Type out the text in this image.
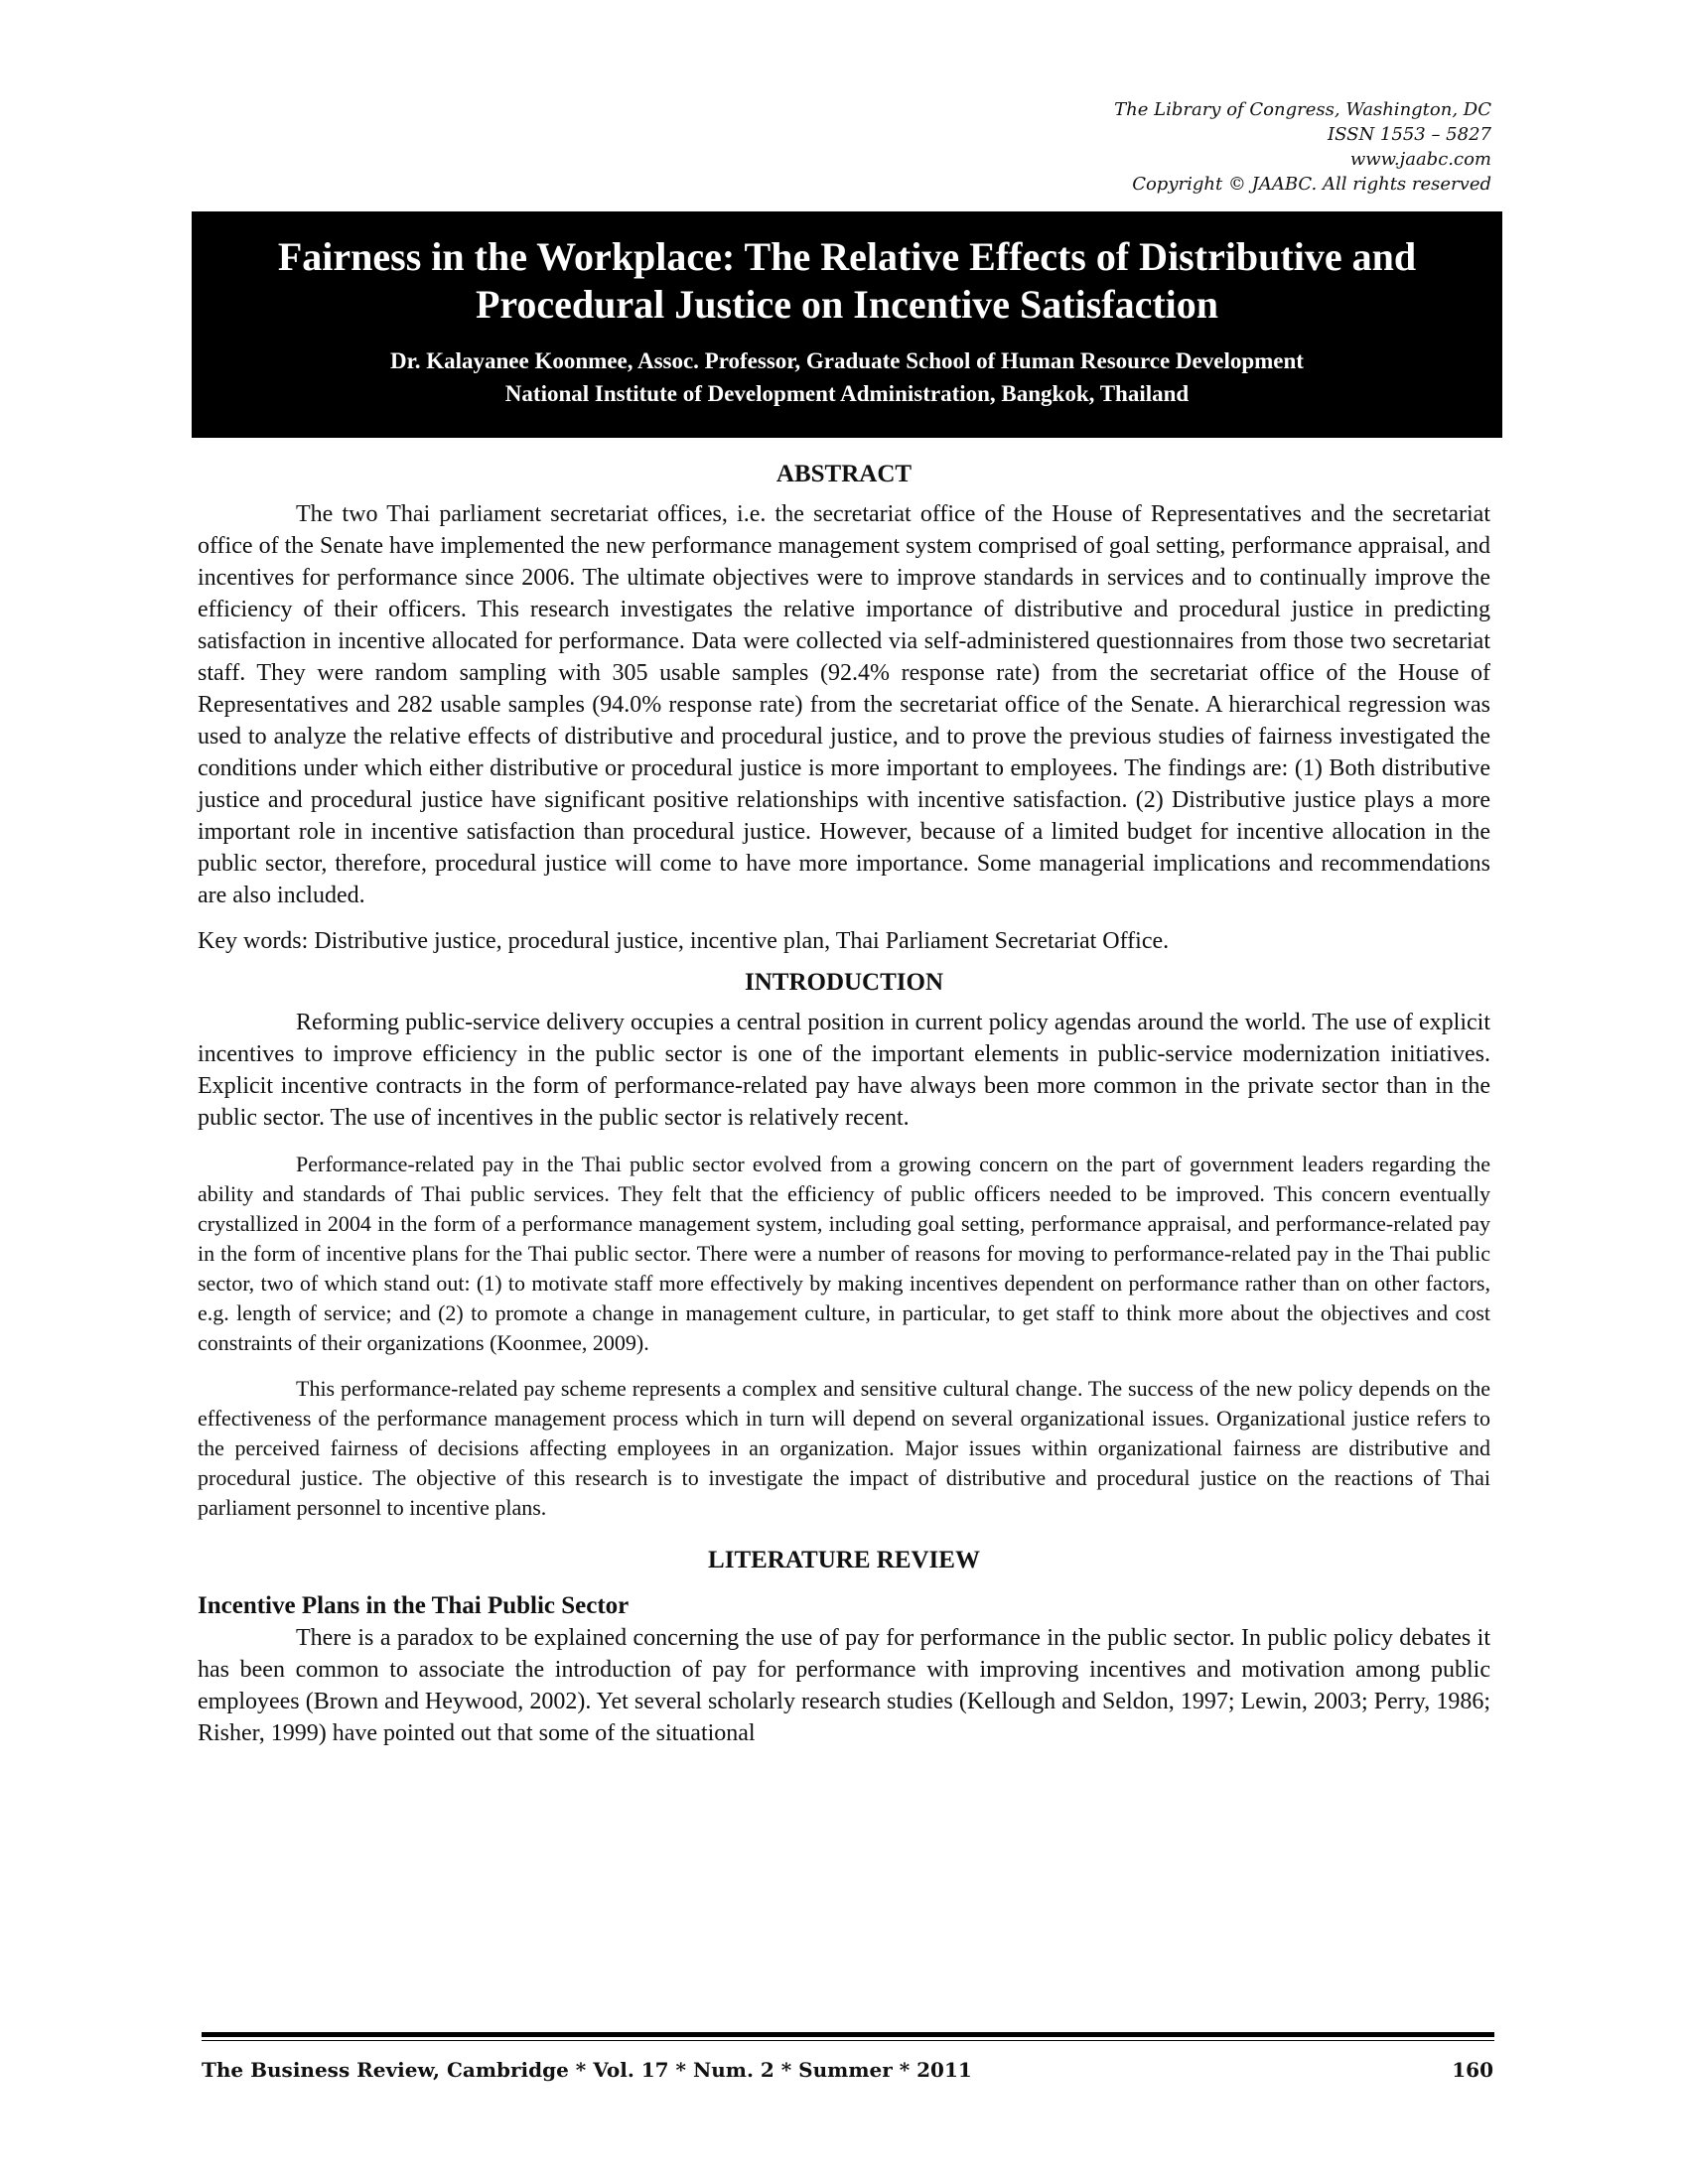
The Library of Congress, Washington, DC
ISSN 1553 – 5827
www.jaabc.com
Copyright © JAABC. All rights reserved
Fairness in the Workplace: The Relative Effects of Distributive and Procedural Justice on Incentive Satisfaction
Dr. Kalayanee Koonmee, Assoc. Professor, Graduate School of Human Resource Development
National Institute of Development Administration, Bangkok, Thailand
ABSTRACT

The two Thai parliament secretariat offices, i.e. the secretariat office of the House of Representatives and the secretariat office of the Senate have implemented the new performance management system comprised of goal setting, performance appraisal, and incentives for performance since 2006. The ultimate objectives were to improve standards in services and to continually improve the efficiency of their officers. This research investigates the relative importance of distributive and procedural justice in predicting satisfaction in incentive allocated for performance. Data were collected via self-administered questionnaires from those two secretariat staff. They were random sampling with 305 usable samples (92.4% response rate) from the secretariat office of the House of Representatives and 282 usable samples (94.0% response rate) from the secretariat office of the Senate. A hierarchical regression was used to analyze the relative effects of distributive and procedural justice, and to prove the previous studies of fairness investigated the conditions under which either distributive or procedural justice is more important to employees. The findings are: (1) Both distributive justice and procedural justice have significant positive relationships with incentive satisfaction. (2) Distributive justice plays a more important role in incentive satisfaction than procedural justice. However, because of a limited budget for incentive allocation in the public sector, therefore, procedural justice will come to have more importance. Some managerial implications and recommendations are also included.

Key words: Distributive justice, procedural justice, incentive plan, Thai Parliament Secretariat Office.

INTRODUCTION

Reforming public-service delivery occupies a central position in current policy agendas around the world. The use of explicit incentives to improve efficiency in the public sector is one of the important elements in public-service modernization initiatives. Explicit incentive contracts in the form of performance-related pay have always been more common in the private sector than in the public sector. The use of incentives in the public sector is relatively recent.

Performance-related pay in the Thai public sector evolved from a growing concern on the part of government leaders regarding the ability and standards of Thai public services. They felt that the efficiency of public officers needed to be improved. This concern eventually crystallized in 2004 in the form of a performance management system, including goal setting, performance appraisal, and performance-related pay in the form of incentive plans for the Thai public sector. There were a number of reasons for moving to performance-related pay in the Thai public sector, two of which stand out: (1) to motivate staff more effectively by making incentives dependent on performance rather than on other factors, e.g. length of service; and (2) to promote a change in management culture, in particular, to get staff to think more about the objectives and cost constraints of their organizations (Koonmee, 2009).

This performance-related pay scheme represents a complex and sensitive cultural change. The success of the new policy depends on the effectiveness of the performance management process which in turn will depend on several organizational issues. Organizational justice refers to the perceived fairness of decisions affecting employees in an organization. Major issues within organizational fairness are distributive and procedural justice. The objective of this research is to investigate the impact of distributive and procedural justice on the reactions of Thai parliament personnel to incentive plans.

LITERATURE REVIEW
Incentive Plans in the Thai Public Sector

There is a paradox to be explained concerning the use of pay for performance in the public sector. In public policy debates it has been common to associate the introduction of pay for performance with improving incentives and motivation among public employees (Brown and Heywood, 2002). Yet several scholarly research studies (Kellough and Seldon, 1997; Lewin, 2003; Perry, 1986; Risher, 1999) have pointed out that some of the situational

The Business Review, Cambridge * Vol. 17 * Num. 2 * Summer * 2011	160
